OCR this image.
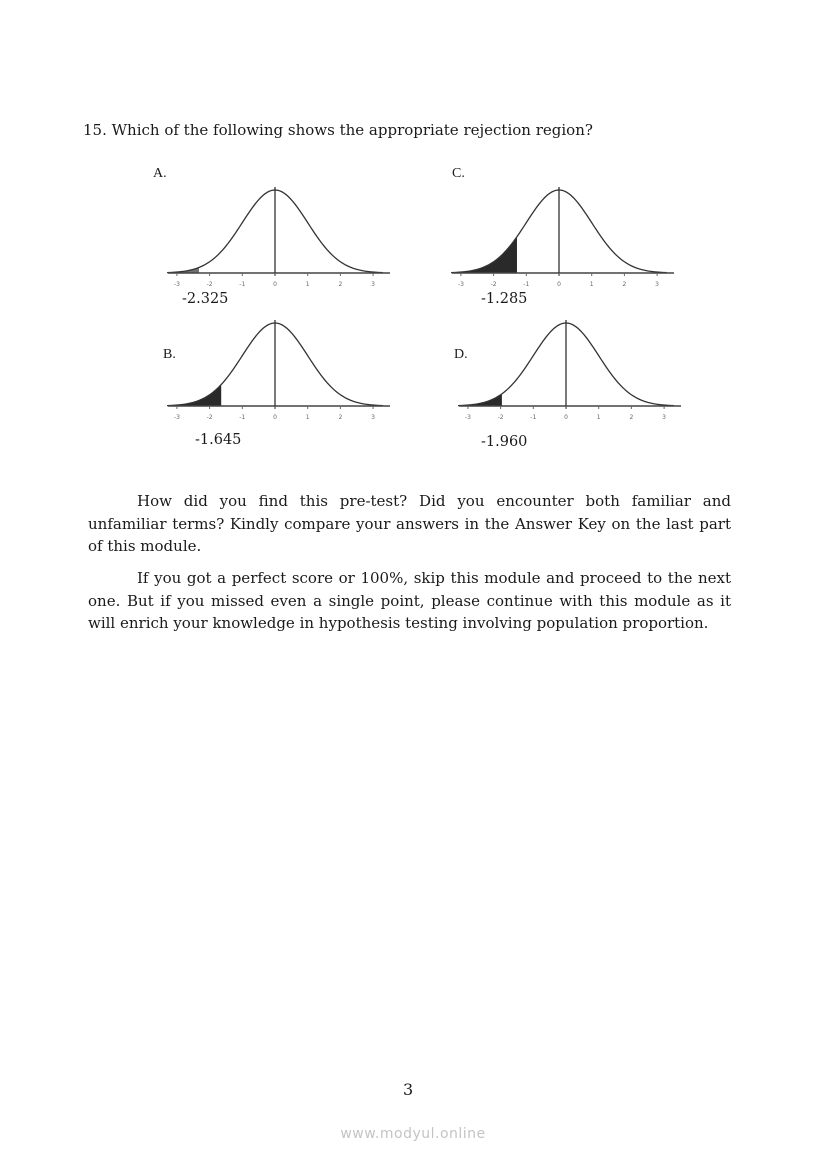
15. Which of the following shows the appropriate rejection region?
A.
-3	-2	-1	0	1	2	3
-2.325
B.
-3	-2	-1	0	1	2	3
-1.645
C.
-3	-2	-1	0	1	2	3
-1.285
D.
-3	-2	-1	0	1	2	3
-1.960

How did you find this pre-test? Did you encounter both familiar and unfamiliar terms? Kindly compare your answers in the Answer Key on the last part of this module.

If you got a perfect score or 100%, skip this module and proceed to the next one. But if you missed even a single point, please continue with this module as it will enrich your knowledge in hypothesis testing involving population proportion.

3
www.modyul.online
